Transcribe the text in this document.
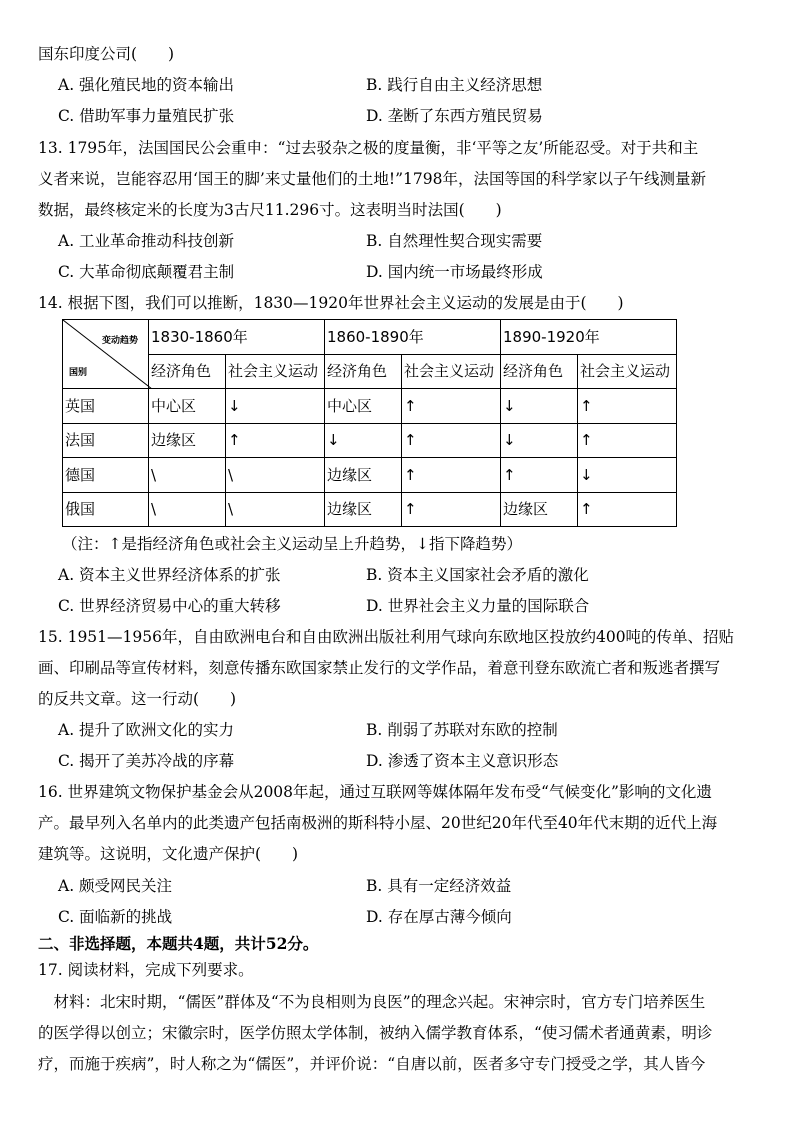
国东印度公司(　　)
A. 强化殖民地的资本输出	B. 践行自由主义经济思想
C. 借助军事力量殖民扩张	D. 垄断了东西方殖民贸易
13. 1795年，法国国民公会重申：“过去驳杂之极的度量衡，非‘平等之友’所能忍受。对于共和主
义者来说，岂能容忍用‘国王的脚’来丈量他们的土地!”1798年，法国等国的科学家以子午线测量新
数据，最终核定米的长度为3古尺11.296寸。这表明当时法国(　　)
A. 工业革命推动科技创新	B. 自然理性契合现实需要
C. 大革命彻底颠覆君主制	D. 国内统一市场最终形成
14. 根据下图，我们可以推断，1830—1920年世界社会主义运动的发展是由于(　　)
变动趋势
国别	1830-1860年		1860-1890年		1890-1920年	
	经济角色	社会主义运动	经济角色	社会主义运动	经济角色	社会主义运动
英国	中心区	↓	中心区	↑	↓	↑
法国	边缘区	↑	↓	↑	↓	↑
德国	\	\	边缘区	↑	↑	↓
俄国	\	\	边缘区	↑	边缘区	↑
（注：↑是指经济角色或社会主义运动呈上升趋势，↓指下降趋势）
A. 资本主义世界经济体系的扩张	B. 资本主义国家社会矛盾的激化
C. 世界经济贸易中心的重大转移	D. 世界社会主义力量的国际联合
15. 1951—1956年，自由欧洲电台和自由欧洲出版社利用气球向东欧地区投放约400吨的传单、招贴
画、印刷品等宣传材料，刻意传播东欧国家禁止发行的文学作品，着意刊登东欧流亡者和叛逃者撰写
的反共文章。这一行动(　　)
A. 提升了欧洲文化的实力	B. 削弱了苏联对东欧的控制
C. 揭开了美苏冷战的序幕	D. 渗透了资本主义意识形态
16. 世界建筑文物保护基金会从2008年起，通过互联网等媒体隔年发布受“气候变化”影响的文化遗
产。最早列入名单内的此类遗产包括南极洲的斯科特小屋、20世纪20年代至40年代末期的近代上海
建筑等。这说明，文化遗产保护(　　)
A. 颇受网民关注	B. 具有一定经济效益
C. 面临新的挑战	D. 存在厚古薄今倾向
二、非选择题，本题共4题，共计52分。
17. 阅读材料，完成下列要求。
　材料：北宋时期，“儒医”群体及“不为良相则为良医”的理念兴起。宋神宗时，官方专门培养医生
的医学得以创立；宋徽宗时，医学仿照太学体制，被纳入儒学教育体系，“使习儒术者通黄素，明诊
疗，而施于疾病”，时人称之为“儒医”，并评价说：“自唐以前，医者多守专门授受之学，其人皆今
